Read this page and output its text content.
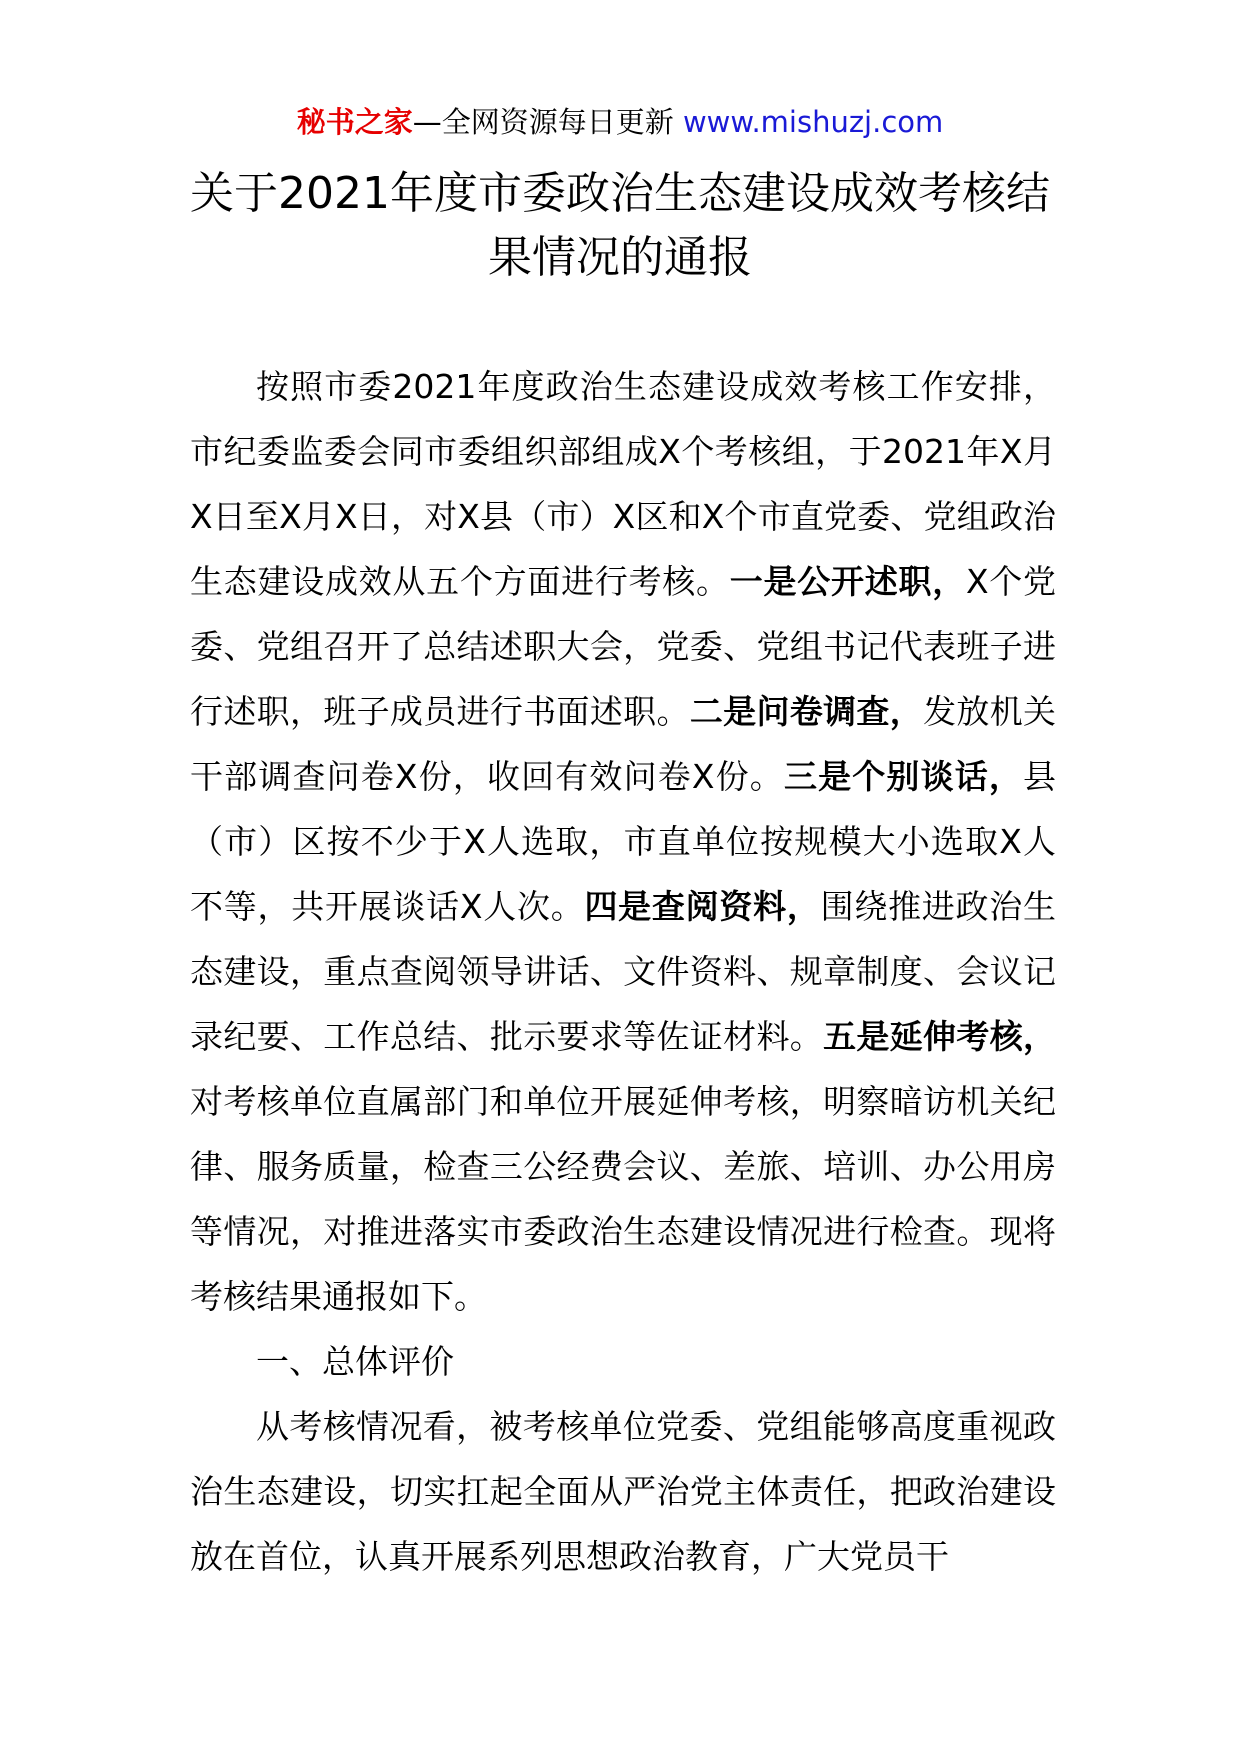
秘书之家—全网资源每日更新 www.mishuzj.com
关于2021年度市委政治生态建设成效考核结果情况的通报

按照市委2021年度政治生态建设成效考核工作安排，市纪委监委会同市委组织部组成X个考核组，于2021年X月X日至X月X日，对X县（市）X区和X个市直党委、党组政治生态建设成效从五个方面进行考核。一是公开述职，X个党委、党组召开了总结述职大会，党委、党组书记代表班子进行述职，班子成员进行书面述职。二是问卷调查，发放机关干部调查问卷X份，收回有效问卷X份。三是个别谈话，县（市）区按不少于X人选取，市直单位按规模大小选取X人不等，共开展谈话X人次。四是查阅资料，围绕推进政治生态建设，重点查阅领导讲话、文件资料、规章制度、会议记录纪要、工作总结、批示要求等佐证材料。五是延伸考核，对考核单位直属部门和单位开展延伸考核，明察暗访机关纪律、服务质量，检查三公经费会议、差旅、培训、办公用房等情况，对推进落实市委政治生态建设情况进行检查。现将考核结果通报如下。

一、总体评价

从考核情况看，被考核单位党委、党组能够高度重视政治生态建设，切实扛起全面从严治党主体责任，把政治建设放在首位，认真开展系列思想政治教育，广大党员干
